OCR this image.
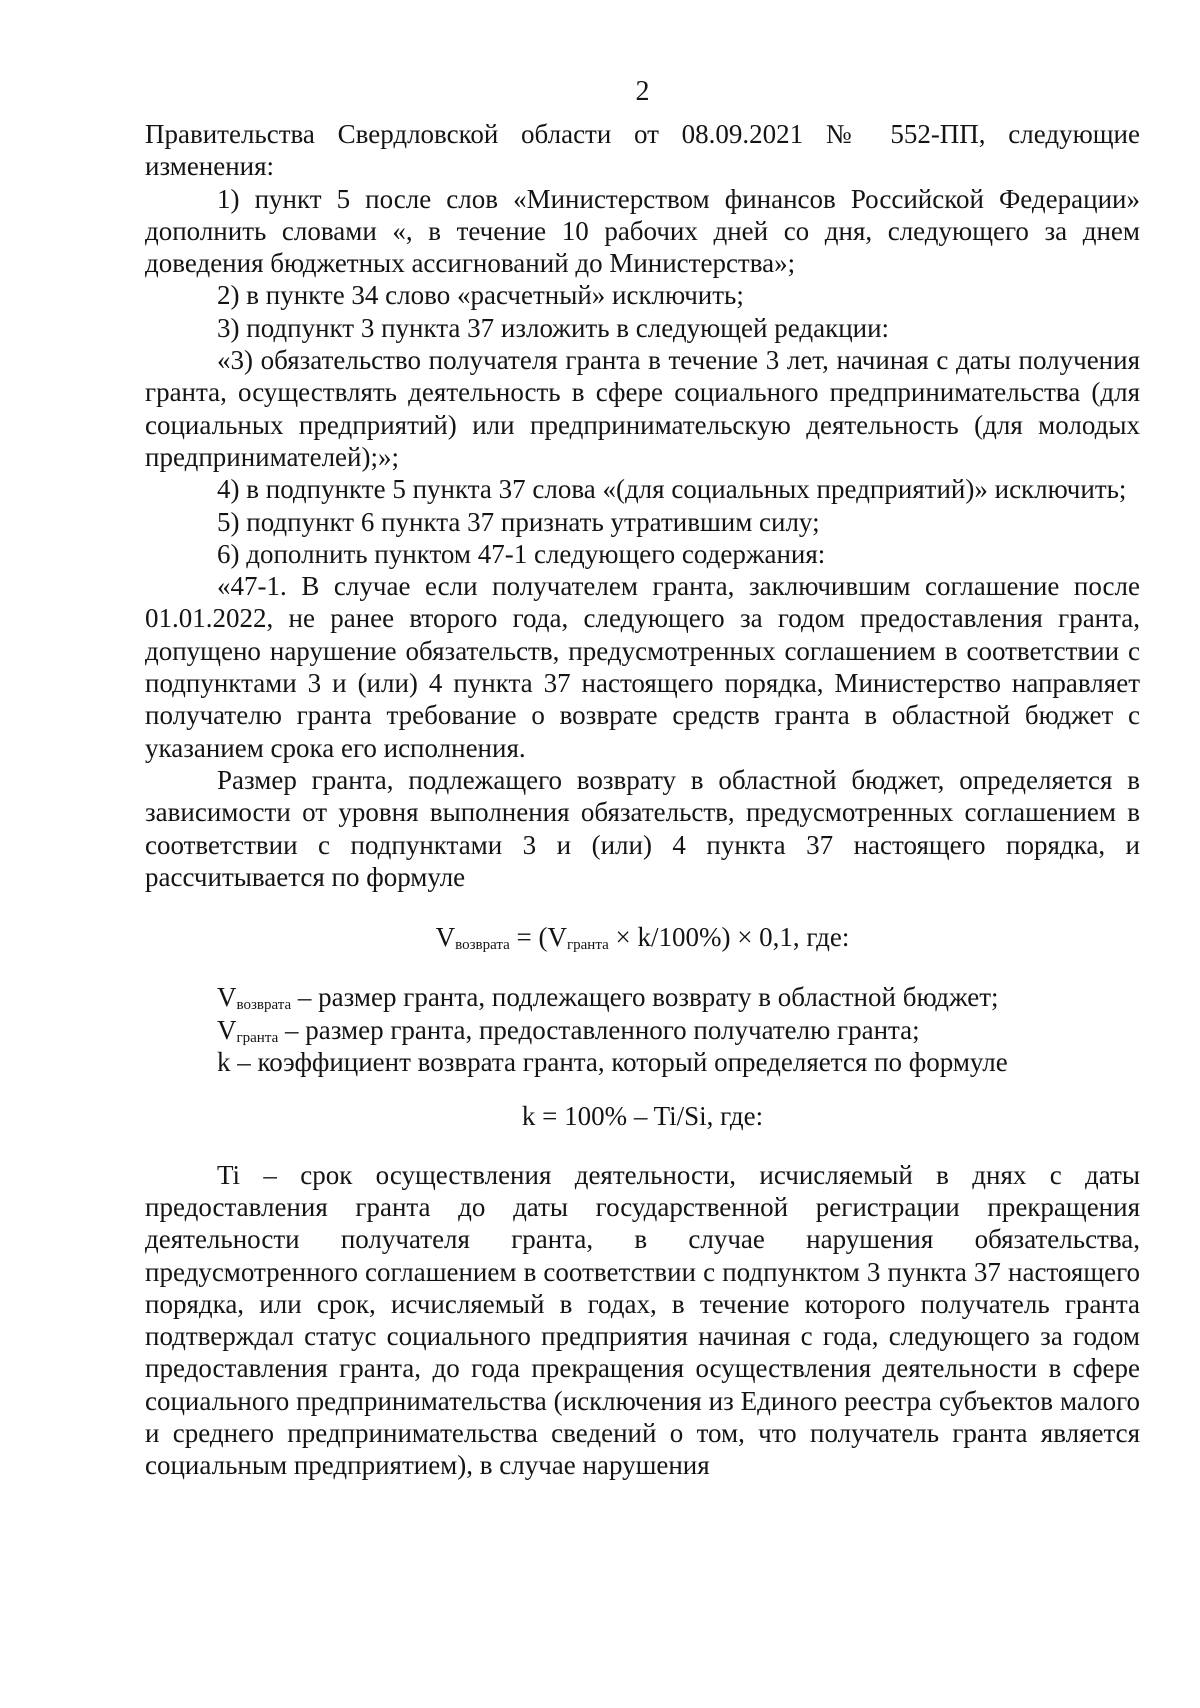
2

Правительства Свердловской области от 08.09.2021 № 552-ПП, следующие изменения:

1) пункт 5 после слов «Министерством финансов Российской Федерации» дополнить словами «, в течение 10 рабочих дней со дня, следующего за днем доведения бюджетных ассигнований до Министерства»;

2) в пункте 34 слово «расчетный» исключить;

3) подпункт 3 пункта 37 изложить в следующей редакции:

«3) обязательство получателя гранта в течение 3 лет, начиная с даты получения гранта, осуществлять деятельность в сфере социального предпринимательства (для социальных предприятий) или предпринимательскую деятельность (для молодых предпринимателей);»;

4) в подпункте 5 пункта 37 слова «(для социальных предприятий)» исключить;

5) подпункт 6 пункта 37 признать утратившим силу;

6) дополнить пунктом 47-1 следующего содержания:

«47-1. В случае если получателем гранта, заключившим соглашение после 01.01.2022, не ранее второго года, следующего за годом предоставления гранта, допущено нарушение обязательств, предусмотренных соглашением в соответствии с подпунктами 3 и (или) 4 пункта 37 настоящего порядка, Министерство направляет получателю гранта требование о возврате средств гранта в областной бюджет с указанием срока его исполнения.

Размер гранта, подлежащего возврату в областной бюджет, определяется в зависимости от уровня выполнения обязательств, предусмотренных соглашением в соответствии с подпунктами 3 и (или) 4 пункта 37 настоящего порядка, и рассчитывается по формуле

$V_{возврата} = (V_{гранта} \times k/100\%) \times 0,1$, где:

$V_{возврата}$ – размер гранта, подлежащего возврату в областной бюджет;

$V_{гранта}$ – размер гранта, предоставленного получателю гранта;

k – коэффициент возврата гранта, который определяется по формуле

k = 100% – Ti/Si, где:

Ti – срок осуществления деятельности, исчисляемый в днях с даты предоставления гранта до даты государственной регистрации прекращения деятельности получателя гранта, в случае нарушения обязательства, предусмотренного соглашением в соответствии с подпунктом 3 пункта 37 настоящего порядка, или срок, исчисляемый в годах, в течение которого получатель гранта подтверждал статус социального предприятия начиная с года, следующего за годом предоставления гранта, до года прекращения осуществления деятельности в сфере социального предпринимательства (исключения из Единого реестра субъектов малого и среднего предпринимательства сведений о том, что получатель гранта является социальным предприятием), в случае нарушения
